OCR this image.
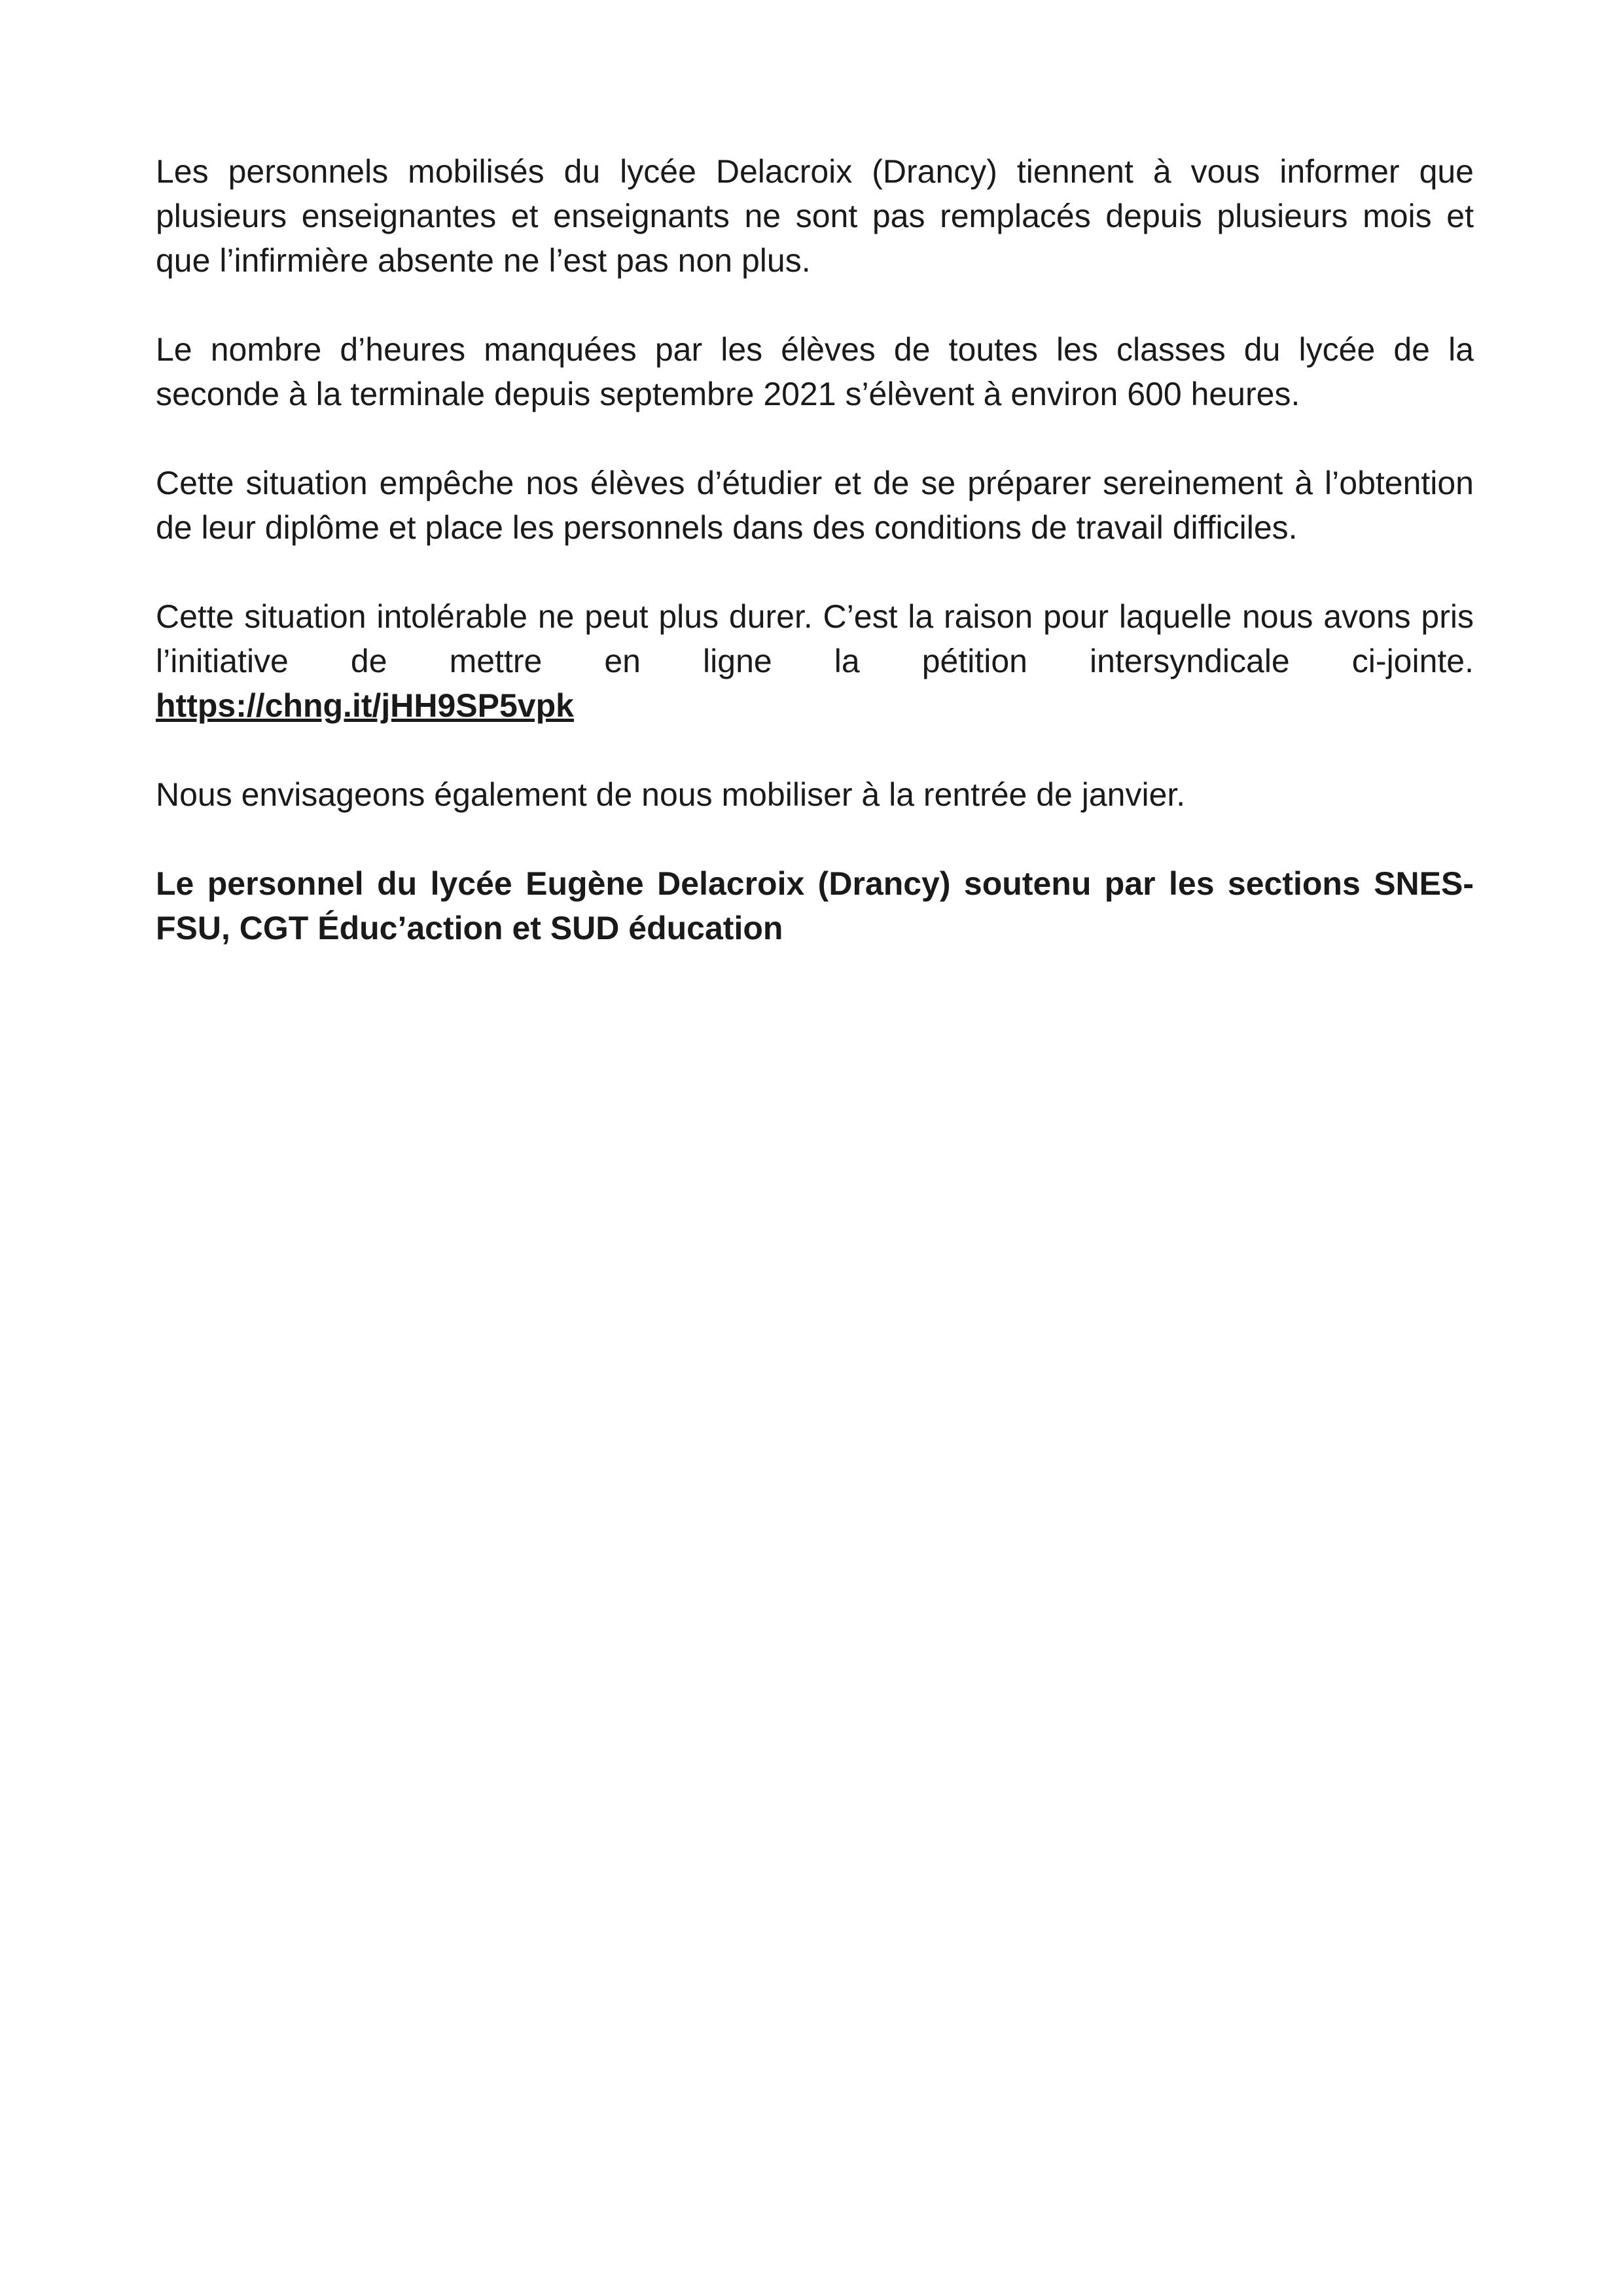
Les personnels mobilisés du lycée Delacroix (Drancy) tiennent à vous informer que plusieurs enseignantes et enseignants ne sont pas remplacés depuis plusieurs mois et que l’infirmière absente ne l’est pas non plus.

Le nombre d’heures manquées par les élèves de toutes les classes du lycée de la seconde à la terminale depuis septembre 2021 s’élèvent à environ 600 heures.

Cette situation empêche nos élèves d’étudier et de se préparer sereinement à l’obtention de leur diplôme et place les personnels dans des conditions de travail difficiles.

Cette situation intolérable ne peut plus durer. C’est la raison pour laquelle nous avons pris l’initiative de mettre en ligne la pétition intersyndicale ci-jointe. https://chng.it/jHH9SP5vpk

Nous envisageons également de nous mobiliser à la rentrée de janvier.

Le personnel du lycée Eugène Delacroix (Drancy) soutenu par les sections SNES-FSU, CGT Éduc’action et SUD éducation
